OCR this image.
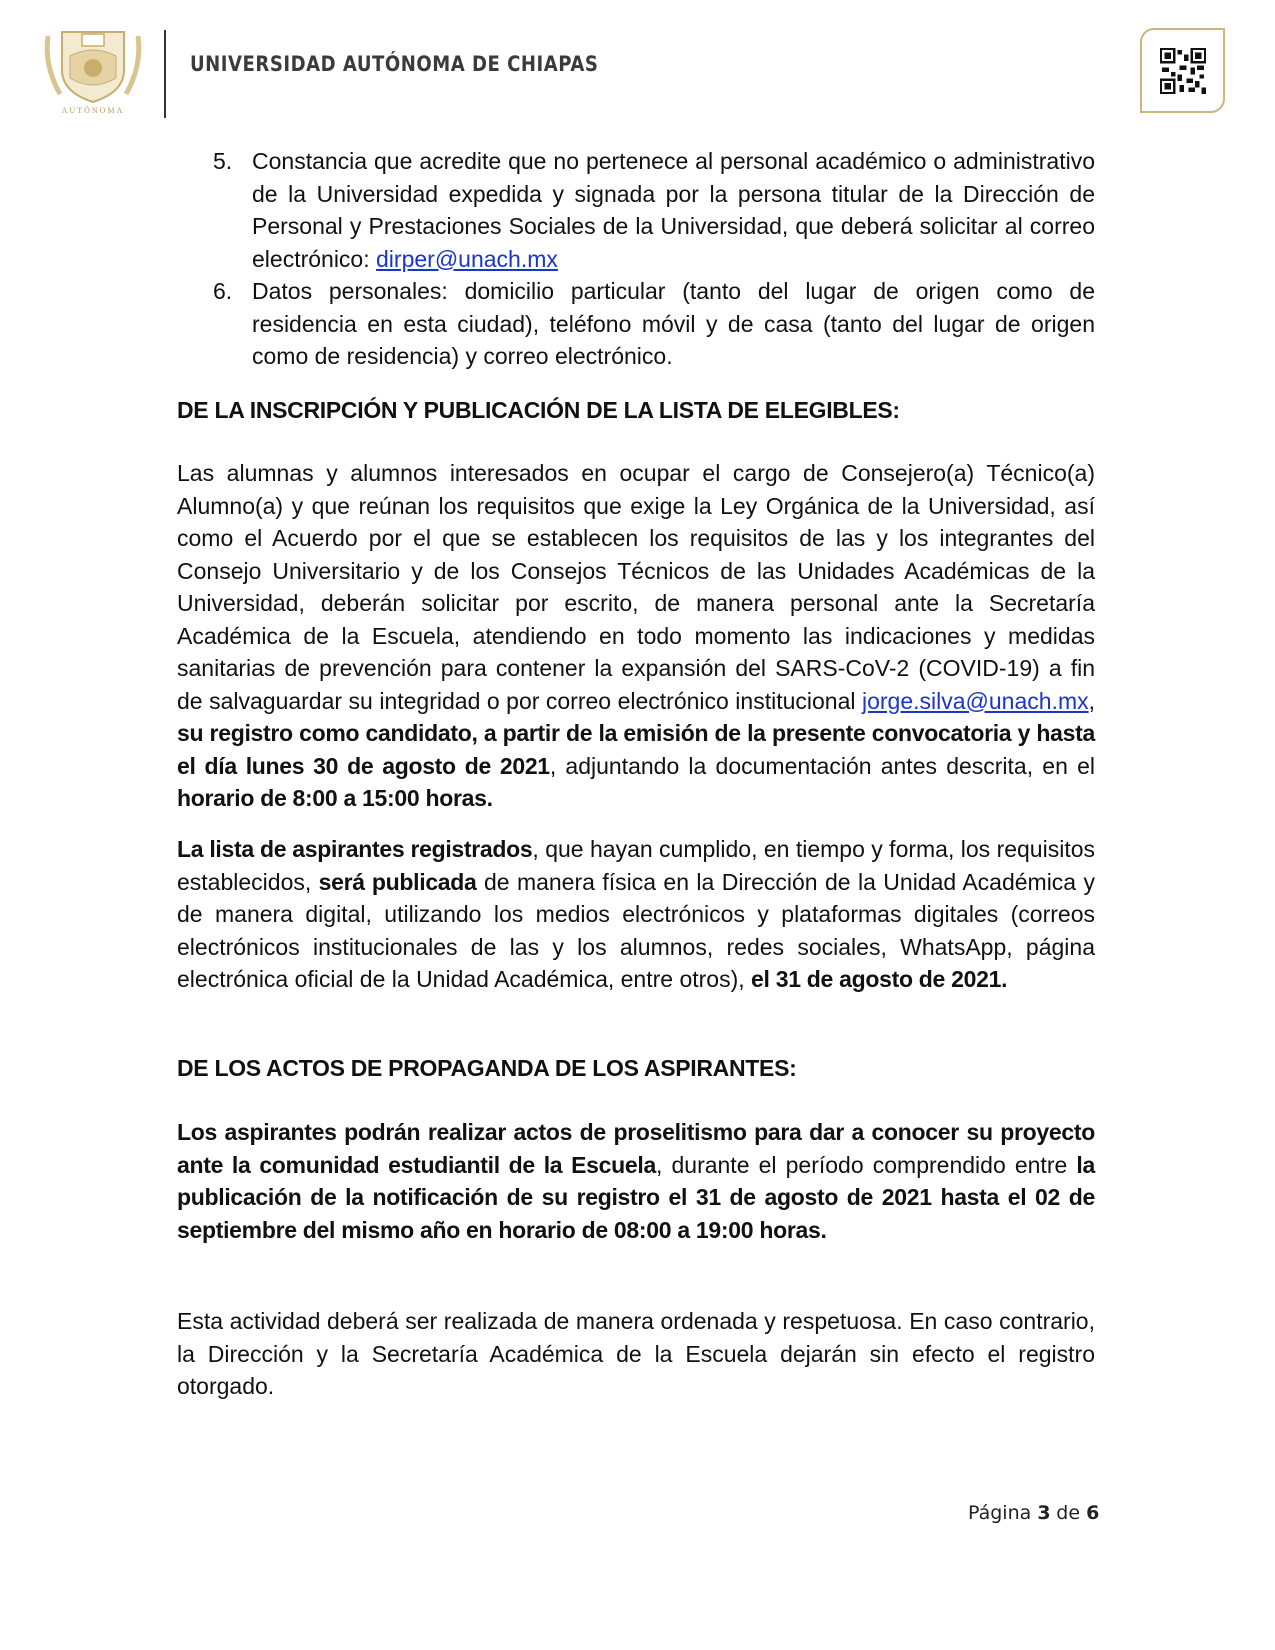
AUTÓNOMA
UNIVERSIDAD AUTÓNOMA DE CHIAPAS
5. Constancia que acredite que no pertenece al personal académico o administrativo de la Universidad expedida y signada por la persona titular de la Dirección de Personal y Prestaciones Sociales de la Universidad, que deberá solicitar al correo electrónico: dirper@unach.mx
6. Datos personales: domicilio particular (tanto del lugar de origen como de residencia en esta ciudad), teléfono móvil y de casa (tanto del lugar de origen como de residencia) y correo electrónico.
DE LA INSCRIPCIÓN Y PUBLICACIÓN DE LA LISTA DE ELEGIBLES:

Las alumnas y alumnos interesados en ocupar el cargo de Consejero(a) Técnico(a) Alumno(a) y que reúnan los requisitos que exige la Ley Orgánica de la Universidad, así como el Acuerdo por el que se establecen los requisitos de las y los integrantes del Consejo Universitario y de los Consejos Técnicos de las Unidades Académicas de la Universidad, deberán solicitar por escrito, de manera personal ante la Secretaría Académica de la Escuela, atendiendo en todo momento las indicaciones y medidas sanitarias de prevención para contener la expansión del SARS-CoV-2 (COVID-19) a fin de salvaguardar su integridad o por correo electrónico institucional jorge.silva@unach.mx, su registro como candidato, a partir de la emisión de la presente convocatoria y hasta el día lunes 30 de agosto de 2021, adjuntando la documentación antes descrita, en el horario de 8:00 a 15:00 horas.

La lista de aspirantes registrados, que hayan cumplido, en tiempo y forma, los requisitos establecidos, será publicada de manera física en la Dirección de la Unidad Académica y de manera digital, utilizando los medios electrónicos y plataformas digitales (correos electrónicos institucionales de las y los alumnos, redes sociales, WhatsApp, página electrónica oficial de la Unidad Académica, entre otros), el 31 de agosto de 2021.

DE LOS ACTOS DE PROPAGANDA DE LOS ASPIRANTES:

Los aspirantes podrán realizar actos de proselitismo para dar a conocer su proyecto ante la comunidad estudiantil de la Escuela, durante el período comprendido entre la publicación de la notificación de su registro el 31 de agosto de 2021 hasta el 02 de septiembre del mismo año en horario de 08:00 a 19:00 horas.

Esta actividad deberá ser realizada de manera ordenada y respetuosa. En caso contrario, la Dirección y la Secretaría Académica de la Escuela dejarán sin efecto el registro otorgado.

Página 3 de 6
